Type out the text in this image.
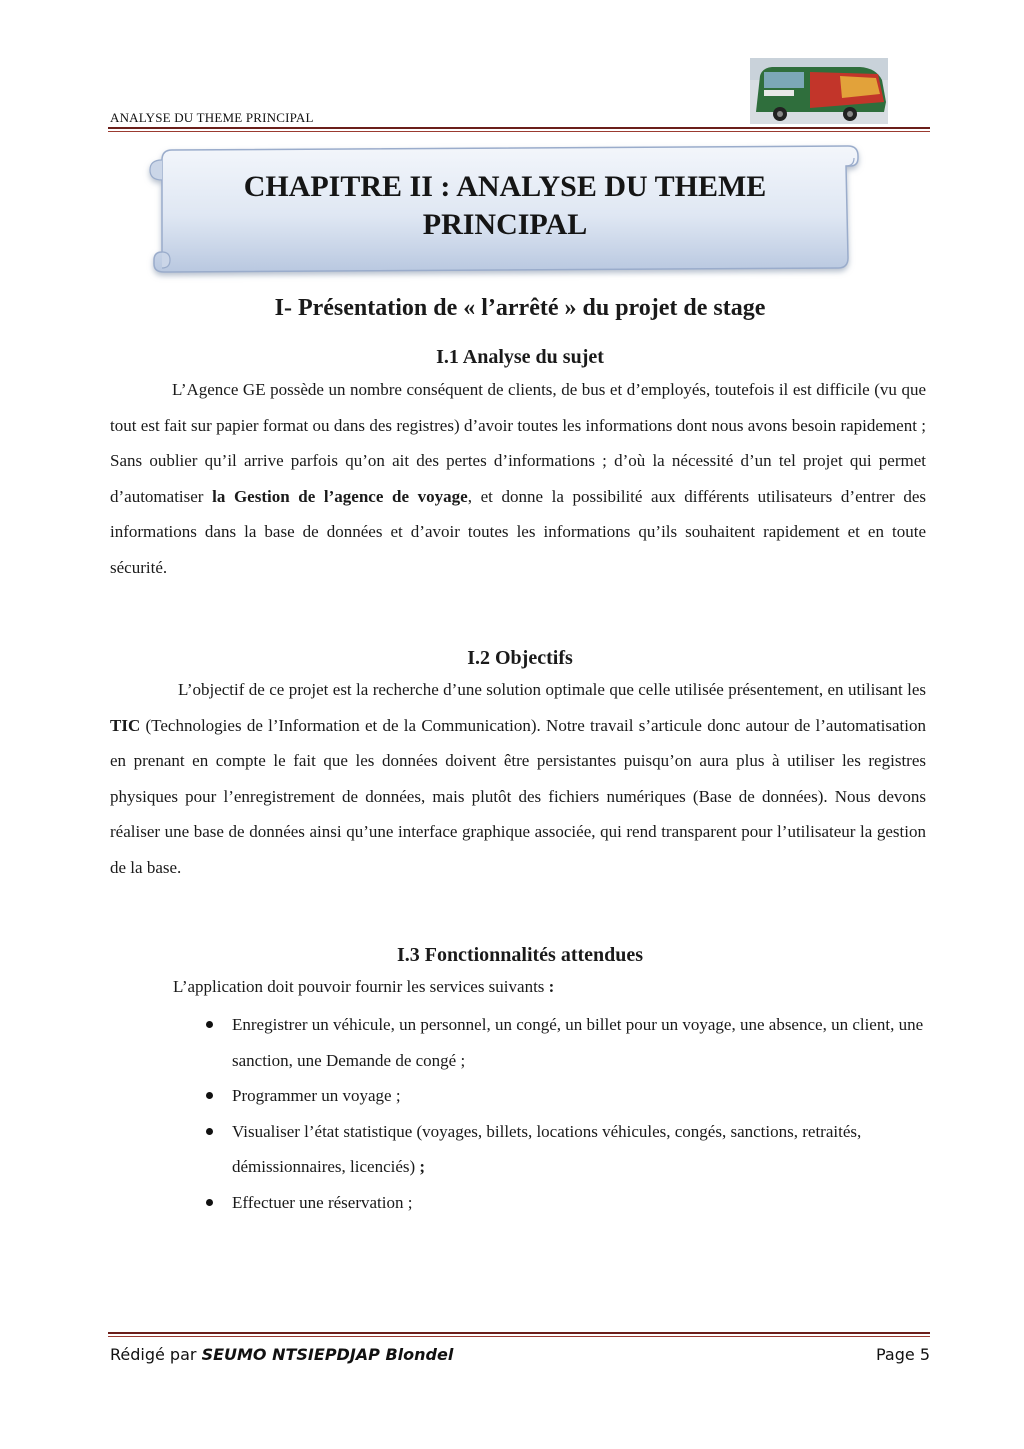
ANALYSE DU THEME PRINCIPAL
CHAPITRE II : ANALYSE DU THEME
PRINCIPAL
I- Présentation de « l’arrêté » du projet de stage
I.1 Analyse du sujet
L’Agence GE possède un nombre conséquent de clients, de bus et d’employés, toutefois il est difficile (vu que tout est fait sur papier format ou dans des registres) d’avoir toutes les informations dont nous avons besoin rapidement ; Sans oublier qu’il arrive parfois qu’on ait des pertes d’informations ; d’où la nécessité d’un tel projet qui permet d’automatiser la Gestion de l’agence de voyage, et donne la possibilité aux différents utilisateurs d’entrer des informations dans la base de données et d’avoir toutes les informations qu’ils souhaitent rapidement et en toute sécurité.
I.2 Objectifs
L’objectif de ce projet est la recherche d’une solution optimale que celle utilisée présentement, en utilisant les TIC (Technologies de l’Information et de la Communication). Notre travail s’articule donc autour de l’automatisation en prenant en compte le fait que les données doivent être persistantes puisqu’on aura plus à utiliser les registres physiques pour l’enregistrement de données, mais plutôt des fichiers numériques (Base de données). Nous devons réaliser une base de données ainsi qu’une interface graphique associée, qui rend transparent pour l’utilisateur la gestion de la base.
I.3 Fonctionnalités attendues
L’application doit pouvoir fournir les services suivants :
Enregistrer un véhicule, un personnel, un congé, un billet pour un voyage, une absence, un client, une sanction, une Demande de congé ;
Programmer un voyage ;
Visualiser l’état statistique (voyages, billets, locations véhicules, congés, sanctions, retraités, démissionnaires, licenciés) ;
Effectuer une réservation ;
Rédigé par SEUMO NTSIEPDJAP Blondel	Page 5
